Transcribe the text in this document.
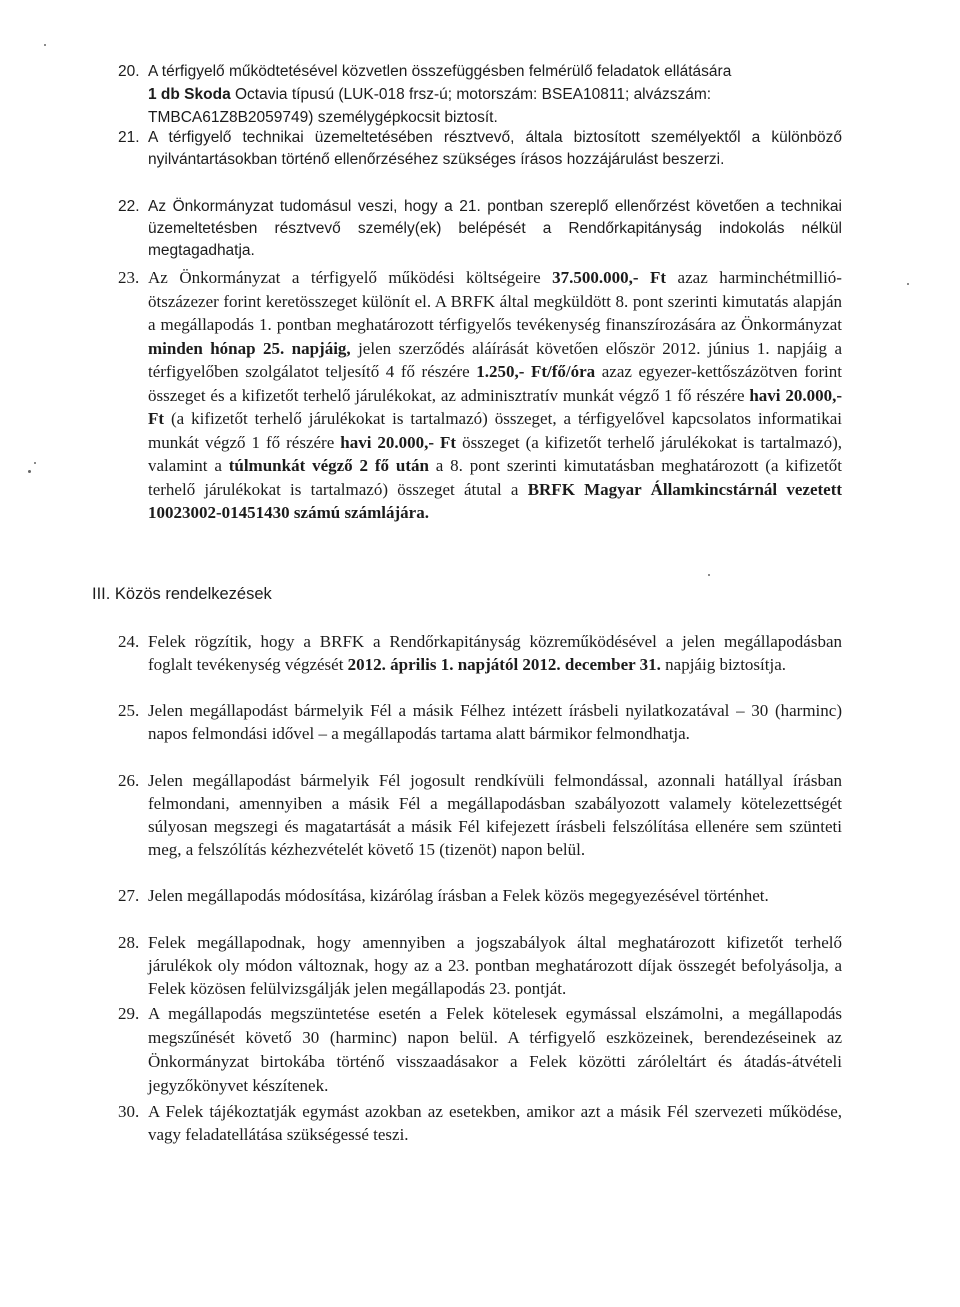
20. A térfigyelő működtetésével közvetlen összefüggésben felmérülő feladatok ellátására
1 db Skoda Octavia típusú (LUK-018 frsz-ú; motorszám: BSEA10811; alvázszám:
TMBCA61Z8B2059749) személygépkocsit biztosít.
21. A térfigyelő technikai üzemeltetésében résztvevő, általa biztosított személyektől a különböző nyilvántartásokban történő ellenőrzéséhez szükséges írásos hozzájárulást beszerzi.
22. Az Önkormányzat tudomásul veszi, hogy a 21. pontban szereplő ellenőrzést követően a technikai üzemeltetésben résztvevő személy(ek) belépését a Rendőrkapitányság indokolás nélkül megtagadhatja.
23. Az Önkormányzat a térfigyelő működési költségeire 37.500.000,- Ft azaz harminchétmillió-ötszázezer forint keretösszeget különít el. A BRFK által megküldött 8. pont szerinti kimutatás alapján a megállapodás 1. pontban meghatározott térfigyelős tevékenység finanszírozására az Önkormányzat minden hónap 25. napjáig, jelen szerződés aláírását követően először 2012. június 1. napjáig a térfigyelőben szolgálatot teljesítő 4 fő részére 1.250,- Ft/fő/óra azaz egyezer-kettőszázötven forint összeget és a kifizetőt terhelő járulékokat, az adminisztratív munkát végző 1 fő részére havi 20.000,- Ft (a kifizetőt terhelő járulékokat is tartalmazó) összeget, a térfigyelővel kapcsolatos informatikai munkát végző 1 fő részére havi 20.000,- Ft összeget (a kifizetőt terhelő járulékokat is tartalmazó), valamint a túlmunkát végző 2 fő után a 8. pont szerinti kimutatásban meghatározott (a kifizetőt terhelő járulékokat is tartalmazó) összeget átutal a BRFK Magyar Államkincstárnál vezetett 10023002-01451430 számú számlájára.
III. Közös rendelkezések
24. Felek rögzítik, hogy a BRFK a Rendőrkapitányság közreműködésével a jelen megállapodásban foglalt tevékenység végzését 2012. április 1. napjától 2012. december 31. napjáig biztosítja.
25. Jelen megállapodást bármelyik Fél a másik Félhez intézett írásbeli nyilatkozatával – 30 (harminc) napos felmondási idővel – a megállapodás tartama alatt bármikor felmondhatja.
26. Jelen megállapodást bármelyik Fél jogosult rendkívüli felmondással, azonnali hatállyal írásban felmondani, amennyiben a másik Fél a megállapodásban szabályozott valamely kötelezettségét súlyosan megszegi és magatartását a másik Fél kifejezett írásbeli felszólítása ellenére sem szünteti meg, a felszólítás kézhezvételét követő 15 (tizenöt) napon belül.
27. Jelen megállapodás módosítása, kizárólag írásban a Felek közös megegyezésével történhet.
28. Felek megállapodnak, hogy amennyiben a jogszabályok által meghatározott kifizetőt terhelő járulékok oly módon változnak, hogy az a 23. pontban meghatározott díjak összegét befolyásolja, a Felek közösen felülvizsgálják jelen megállapodás 23. pontját.
29. A megállapodás megszüntetése esetén a Felek kötelesek egymással elszámolni, a megállapodás megszűnését követő 30 (harminc) napon belül. A térfigyelő eszközeinek, berendezéseinek az Önkormányzat birtokába történő visszaadásakor a Felek közötti záróleltárt és átadás-átvételi jegyzőkönyvet készítenek.
30. A Felek tájékoztatják egymást azokban az esetekben, amikor azt a másik Fél szervezeti működése, vagy feladatellátása szükségessé teszi.
